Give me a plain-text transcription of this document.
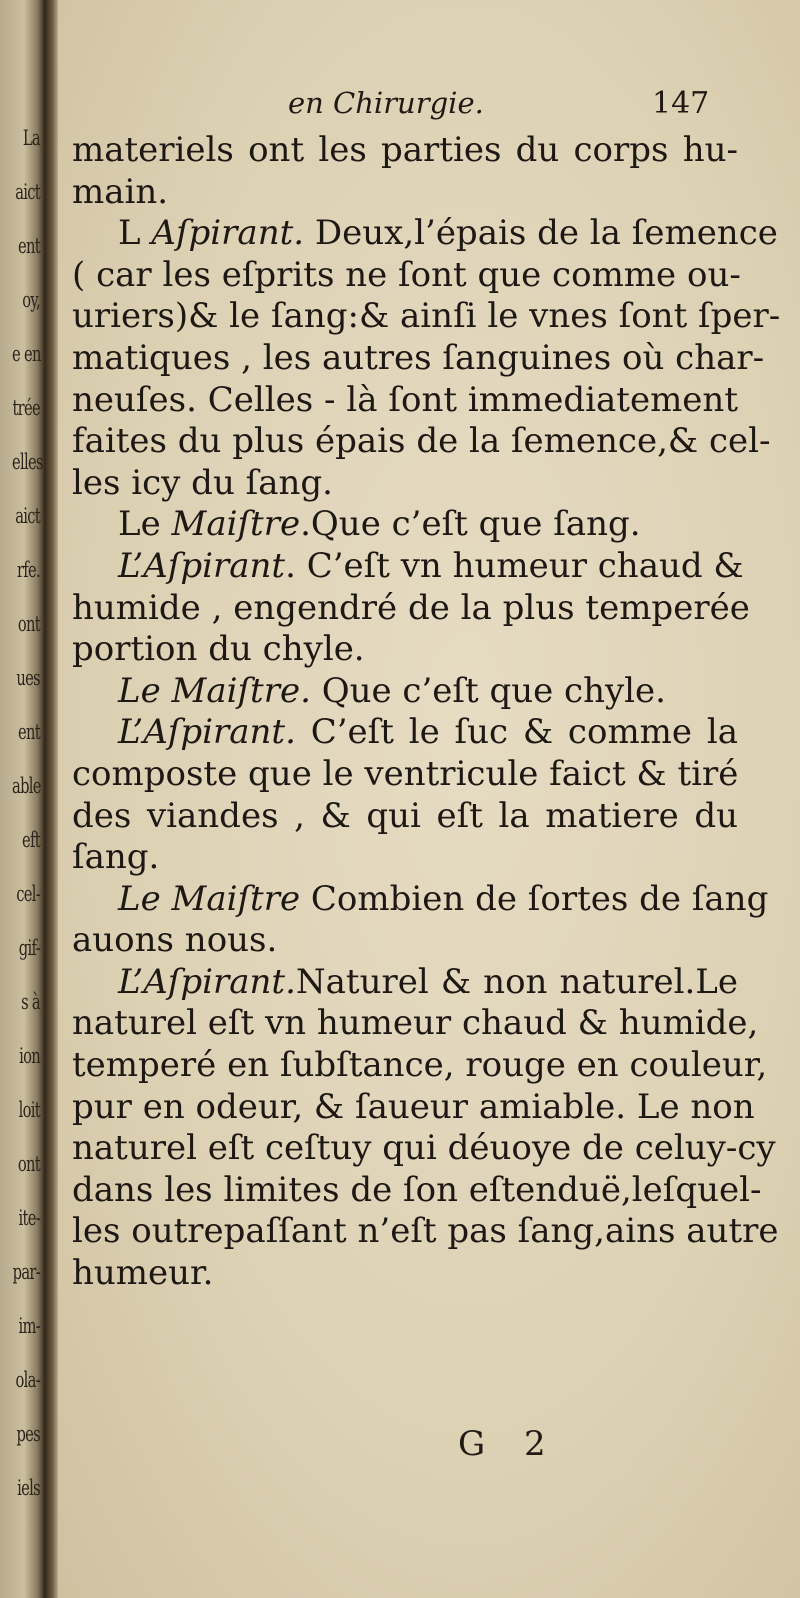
La
aict
ent
oy,
e en
trée
elles
aict
rfe.
ont
ues
ent
able
eft
cel-
gif-
s à
ion
loit
ont
ite-
par-
im-
ola-
pes
iels
en Chirurgie.	147
materiels ont les parties du corps hu-
main.
L Aſpirant. Deux,l’épais de la ſemence
( car les eſprits ne ſont que comme ou-
uriers)& le ſang:& ainſi le vnes ſont ſper-
matiques , les autres ſanguines où char-
neuſes. Celles - là ſont immediatement
faites du plus épais de la ſemence,& cel-
les icy du ſang.
Le Maiſtre.Que c’eſt que ſang.
L’Aſpirant. C’eſt vn humeur chaud &
humide , engendré de la plus temperée
portion du chyle.
Le Maiſtre. Que c’eſt que chyle.
L’Aſpirant. C’eſt le ſuc & comme la
composte que le ventricule faict & tiré
des viandes , & qui eſt la matiere du
ſang.
Le Maiſtre Combien de ſortes de ſang
auons nous.
L’Aſpirant.Naturel & non naturel.Le
naturel eſt vn humeur chaud & humide,
temperé en ſubſtance, rouge en couleur,
pur en odeur, & ſaueur amiable. Le non
naturel eſt ceſtuy qui déuoye de celuy-cy
dans les limites de ſon eſtenduë,leſquel-
les outrepaſſant n’eſt pas ſang,ains autre
humeur.
G 2
